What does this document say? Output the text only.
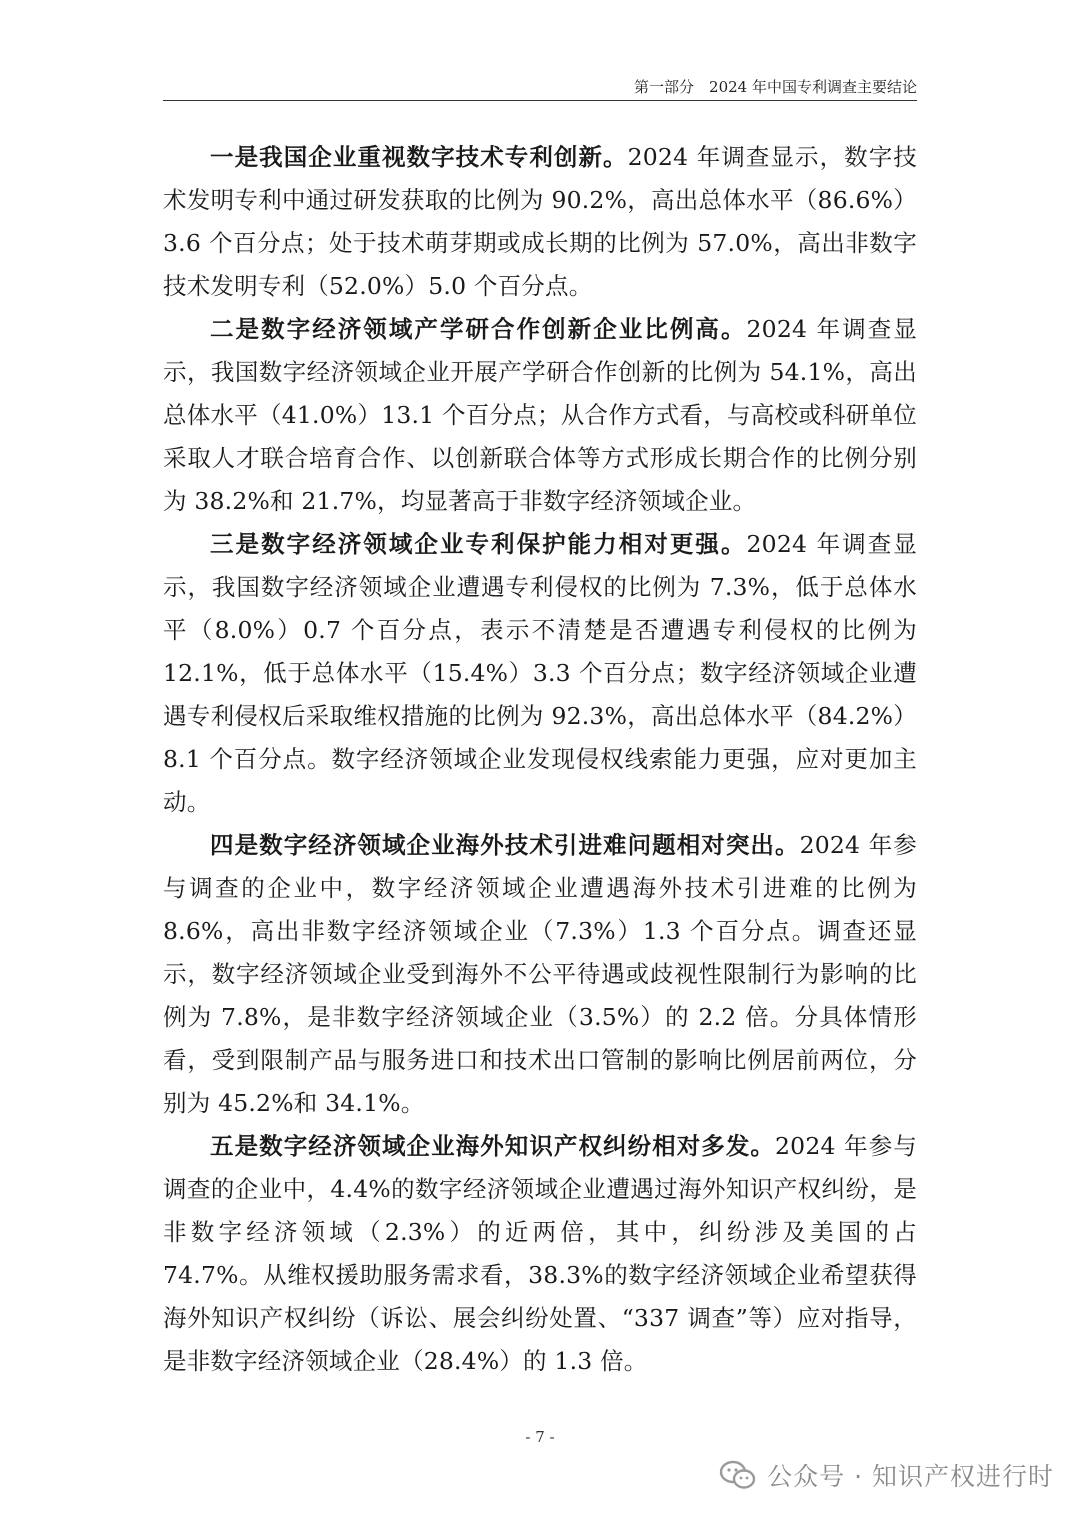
第一部分　2024 年中国专利调查主要结论

一是我国企业重视数字技术专利创新。2024 年调查显示，数字技术发明专利中通过研发获取的比例为 90.2%，高出总体水平（86.6%）3.6 个百分点；处于技术萌芽期或成长期的比例为 57.0%，高出非数字技术发明专利（52.0%）5.0 个百分点。

二是数字经济领域产学研合作创新企业比例高。2024 年调查显示，我国数字经济领域企业开展产学研合作创新的比例为 54.1%，高出总体水平（41.0%）13.1 个百分点；从合作方式看，与高校或科研单位采取人才联合培育合作、以创新联合体等方式形成长期合作的比例分别为 38.2%和 21.7%，均显著高于非数字经济领域企业。

三是数字经济领域企业专利保护能力相对更强。2024 年调查显示，我国数字经济领域企业遭遇专利侵权的比例为 7.3%，低于总体水平（8.0%）0.7 个百分点，表示不清楚是否遭遇专利侵权的比例为 12.1%，低于总体水平（15.4%）3.3 个百分点；数字经济领域企业遭遇专利侵权后采取维权措施的比例为 92.3%，高出总体水平（84.2%）8.1 个百分点。数字经济领域企业发现侵权线索能力更强，应对更加主动。

四是数字经济领域企业海外技术引进难问题相对突出。2024 年参与调查的企业中，数字经济领域企业遭遇海外技术引进难的比例为 8.6%，高出非数字经济领域企业（7.3%）1.3 个百分点。调查还显示，数字经济领域企业受到海外不公平待遇或歧视性限制行为影响的比例为 7.8%，是非数字经济领域企业（3.5%）的 2.2 倍。分具体情形看，受到限制产品与服务进口和技术出口管制的影响比例居前两位，分别为 45.2%和 34.1%。

五是数字经济领域企业海外知识产权纠纷相对多发。2024 年参与调查的企业中，4.4%的数字经济领域企业遭遇过海外知识产权纠纷，是非数字经济领域（2.3%）的近两倍，其中，纠纷涉及美国的占 74.7%。从维权援助服务需求看，38.3%的数字经济领域企业希望获得海外知识产权纠纷（诉讼、展会纠纷处置、“337 调查”等）应对指导，是非数字经济领域企业（28.4%）的 1.3 倍。

- 7 -
公众号 · 知识产权进行时
